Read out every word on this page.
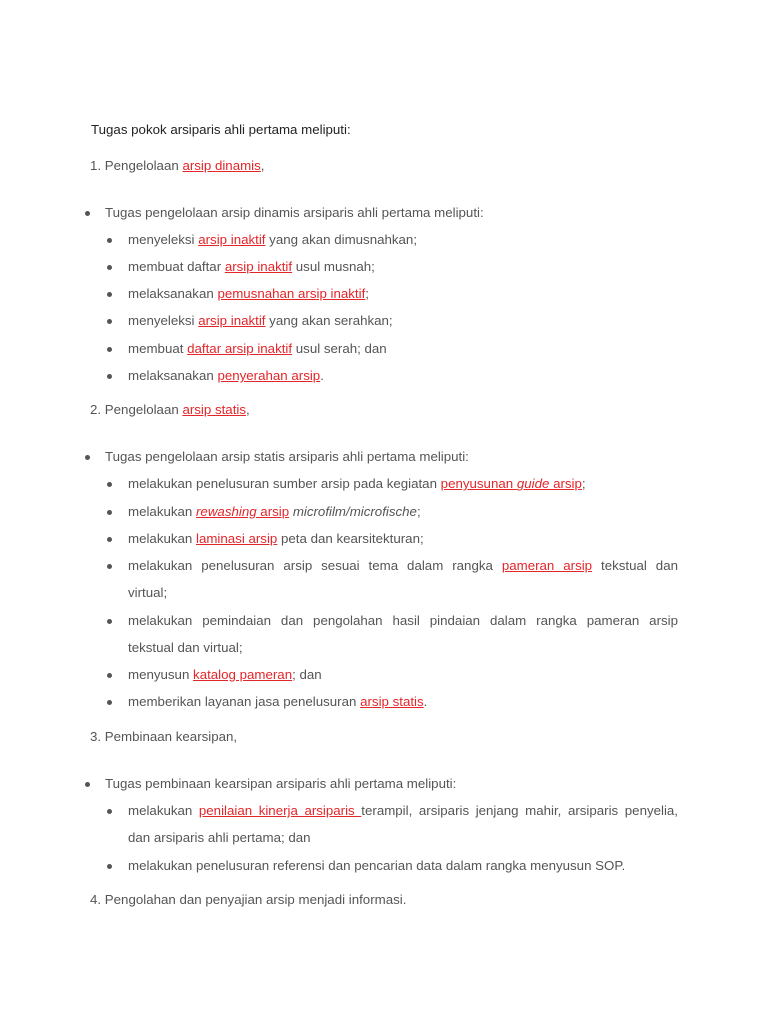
Tugas pokok arsiparis ahli pertama meliputi:
1. Pengelolaan arsip dinamis,
Tugas pengelolaan arsip dinamis arsiparis ahli pertama meliputi:
menyeleksi arsip inaktif yang akan dimusnahkan;
membuat daftar arsip inaktif usul musnah;
melaksanakan pemusnahan arsip inaktif;
menyeleksi arsip inaktif yang akan serahkan;
membuat daftar arsip inaktif usul serah; dan
melaksanakan penyerahan arsip.
2. Pengelolaan arsip statis,
Tugas pengelolaan arsip statis arsiparis ahli pertama meliputi:
melakukan penelusuran sumber arsip pada kegiatan penyusunan guide arsip;
melakukan rewashing arsip microfilm/microfische;
melakukan laminasi arsip peta dan kearsitekturan;
melakukan penelusuran arsip sesuai tema dalam rangka pameran arsip tekstual dan
virtual;
melakukan pemindaian dan pengolahan hasil pindaian dalam rangka pameran arsip
tekstual dan virtual;
menyusun katalog pameran; dan
memberikan layanan jasa penelusuran arsip statis.
3. Pembinaan kearsipan,
Tugas pembinaan kearsipan arsiparis ahli pertama meliputi:
melakukan penilaian kinerja arsiparis terampil, arsiparis jenjang mahir, arsiparis penyelia,
dan arsiparis ahli pertama; dan
melakukan penelusuran referensi dan pencarian data dalam rangka menyusun SOP.
4. Pengolahan dan penyajian arsip menjadi informasi.
